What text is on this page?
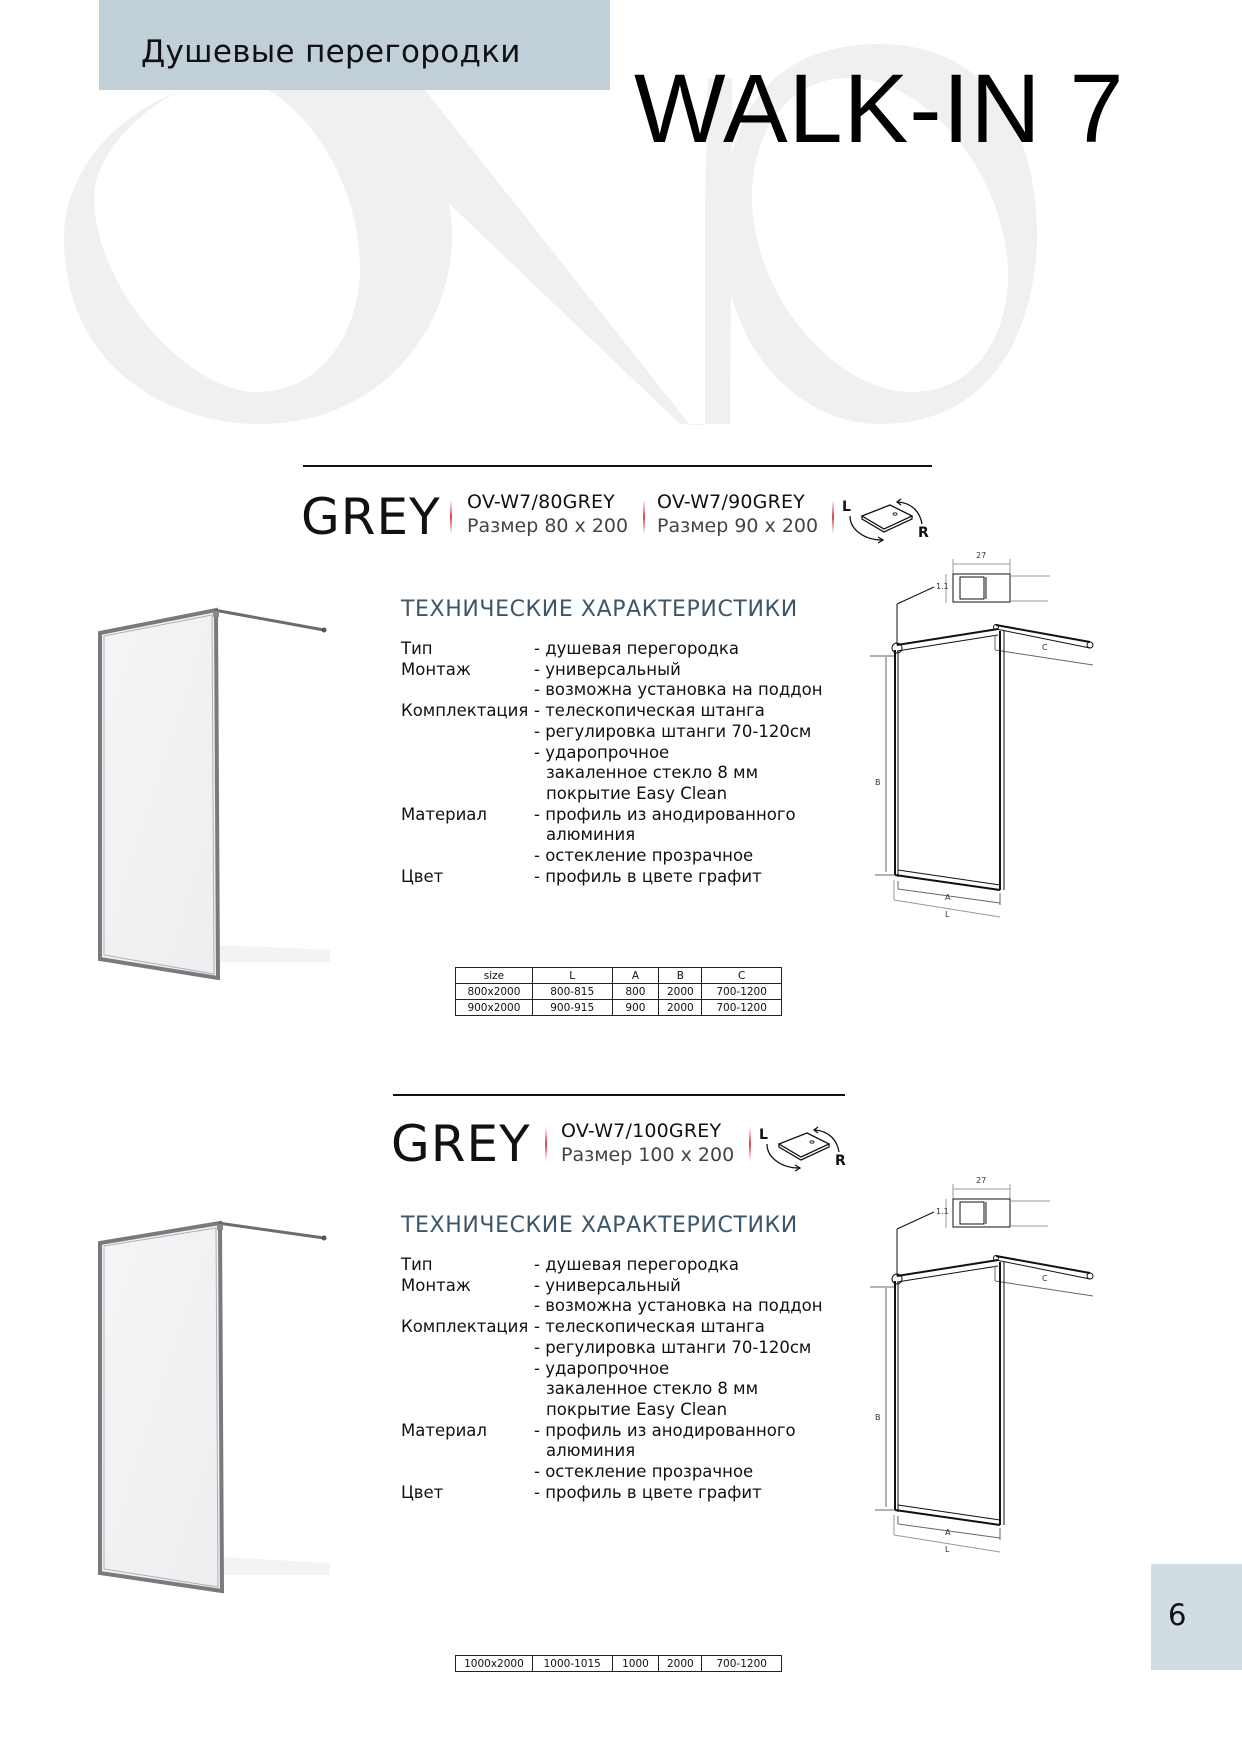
Душевые перегородки
WALK-IN 7
GREY OV-W7/80GREY
Размер 80 x 200
OV-W7/90GREY
Размер 90 x 200
L
R
ТЕХНИЧЕСКИЕ ХАРАКТЕРИСТИКИ
Тип	- душевая перегородка
Монтаж	- универсальный
- возможна установка на поддон
Комплектация - телескопическая штанга
- регулировка штанги 70-120см
- ударопрочное
закаленное стекло 8 мм
покрытие Easy Clean
Материал	- профиль из анодированного
алюминия
- остекление прозрачное
Цвет	- профиль в цвете графит
27
1.1
C
B
A
L
size	L	A	B	C
800x2000	800-815	800	2000	700-1200
900x2000	900-915	900	2000	700-1200
GREY OV-W7/100GREY
Размер 100 x 200
L
R
ТЕХНИЧЕСКИЕ ХАРАКТЕРИСТИКИ
Тип	- душевая перегородка
Монтаж	- универсальный
- возможна установка на поддон
Комплектация - телескопическая штанга
- регулировка штанги 70-120см
- ударопрочное
закаленное стекло 8 мм
покрытие Easy Clean
Материал	- профиль из анодированного
алюминия
- остекление прозрачное
Цвет	- профиль в цвете графит
27
1.1
C
B
A
L
1000x2000	1000-1015	1000	2000	700-1200
6
